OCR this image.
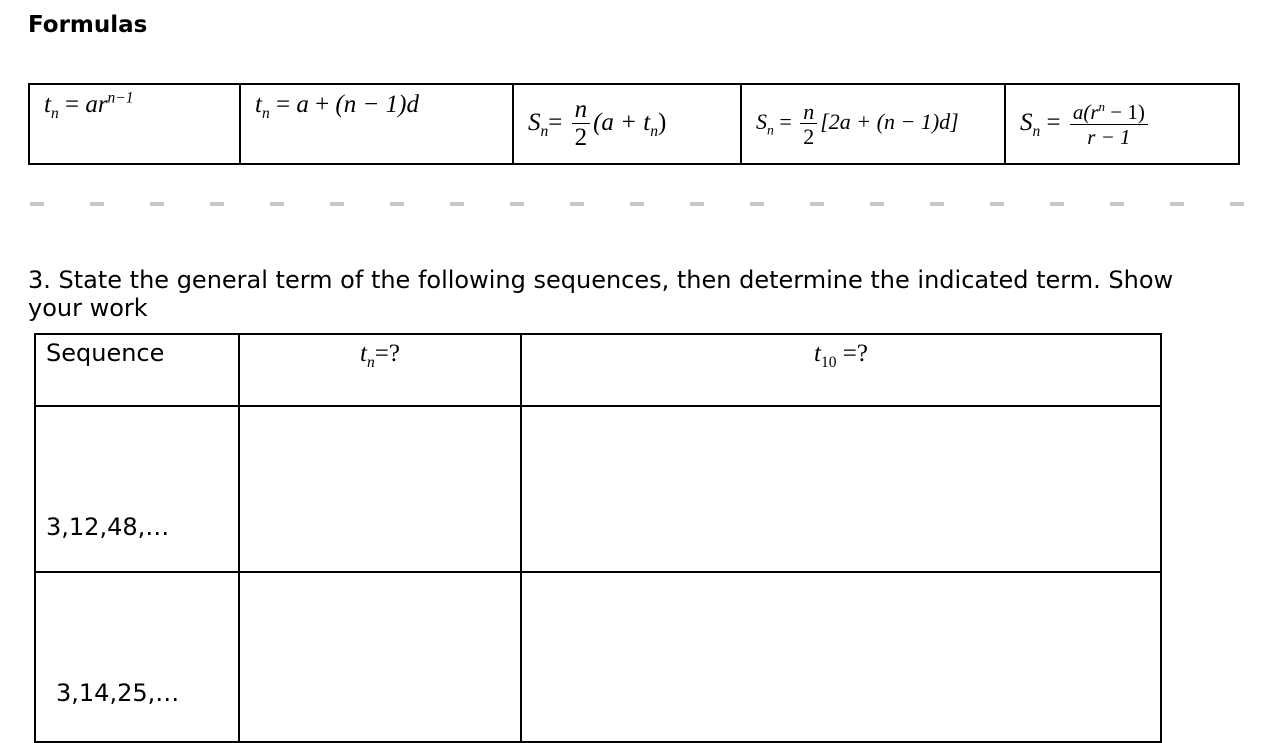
Formulas
$t_n = ar^{n-1}$	$t_n = a + (n - 1)d$	$S_n= \frac{n}{2} (a + t_n)$	$S_n = \frac{n}{2} [2a + (n - 1)d]$	$S_n = \frac{a(r^n - 1)}{r - 1}$

3. State the general term of the following sequences, then determine the indicated term. Show your work

Sequence	$t_n=$?	$t_{10}$ =?
3,12,48,…		
3,14,25,…		
